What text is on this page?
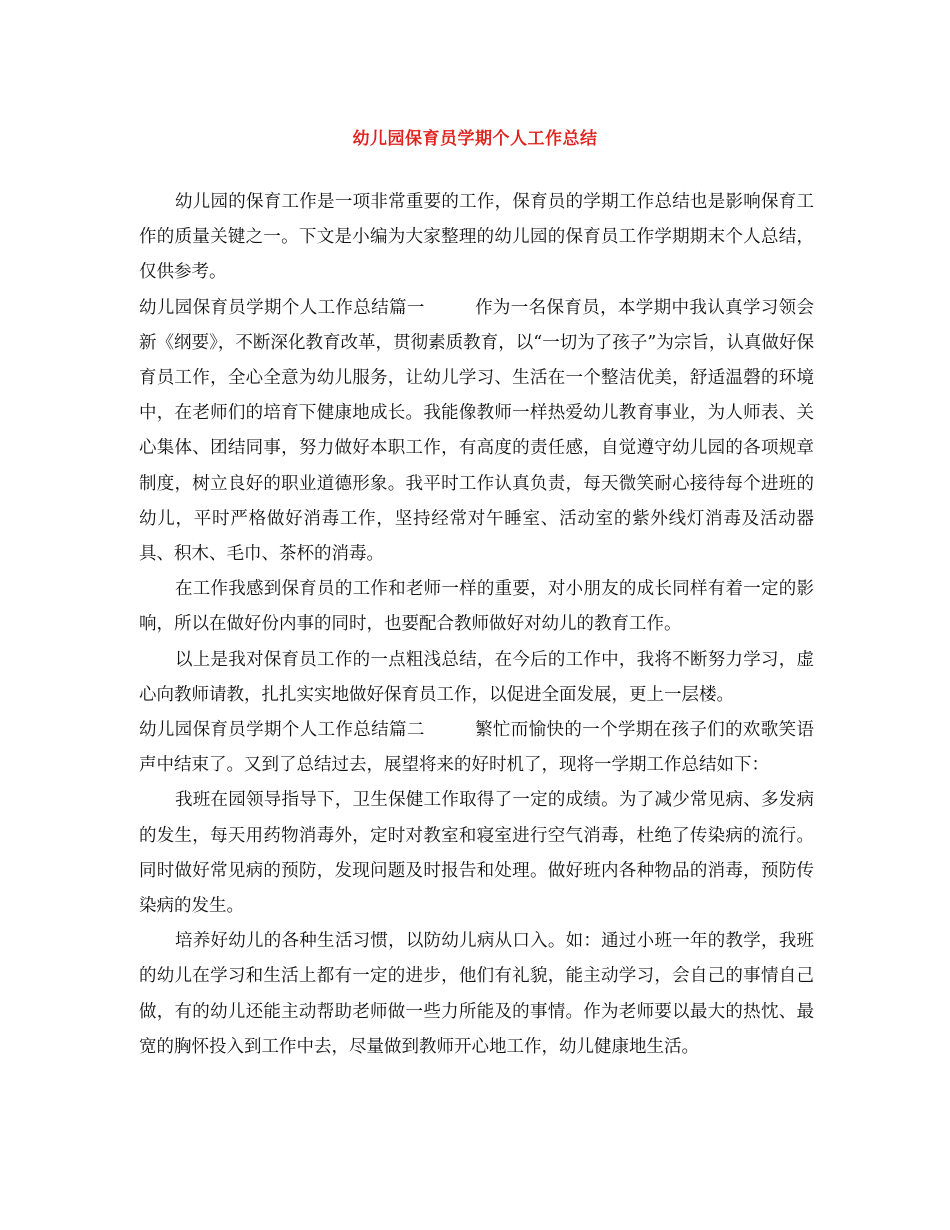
幼儿园保育员学期个人工作总结

幼儿园的保育工作是一项非常重要的工作，保育员的学期工作总结也是影响保育工作的质量关键之一。下文是小编为大家整理的幼儿园的保育员工作学期期末个人总结，仅供参考。

幼儿园保育员学期个人工作总结篇一	作为一名保育员，本学期中我认真学习领会新《纲要》，不断深化教育改革，贯彻素质教育，以“一切为了孩子”为宗旨，认真做好保育员工作，全心全意为幼儿服务，让幼儿学习、生活在一个整洁优美，舒适温磬的环境中，在老师们的培育下健康地成长。我能像教师一样热爱幼儿教育事业，为人师表、关心集体、团结同事，努力做好本职工作，有高度的责任感，自觉遵守幼儿园的各项规章制度，树立良好的职业道德形象。我平时工作认真负责，每天微笑耐心接待每个进班的幼儿，平时严格做好消毒工作，坚持经常对午睡室、活动室的紫外线灯消毒及活动器具、积木、毛巾、茶杯的消毒。

在工作我感到保育员的工作和老师一样的重要，对小朋友的成长同样有着一定的影响，所以在做好份内事的同时，也要配合教师做好对幼儿的教育工作。

以上是我对保育员工作的一点粗浅总结，在今后的工作中，我将不断努力学习，虚心向教师请教，扎扎实实地做好保育员工作，以促进全面发展，更上一层楼。

幼儿园保育员学期个人工作总结篇二	繁忙而愉快的一个学期在孩子们的欢歌笑语声中结束了。又到了总结过去，展望将来的好时机了，现将一学期工作总结如下：

我班在园领导指导下，卫生保健工作取得了一定的成绩。为了减少常见病、多发病的发生，每天用药物消毒外，定时对教室和寝室进行空气消毒，杜绝了传染病的流行。同时做好常见病的预防，发现问题及时报告和处理。做好班内各种物品的消毒，预防传染病的发生。

培养好幼儿的各种生活习惯，以防幼儿病从口入。如：通过小班一年的教学，我班的幼儿在学习和生活上都有一定的进步，他们有礼貌，能主动学习，会自己的事情自己做，有的幼儿还能主动帮助老师做一些力所能及的事情。作为老师要以最大的热忱、最宽的胸怀投入到工作中去，尽量做到教师开心地工作，幼儿健康地生活。
